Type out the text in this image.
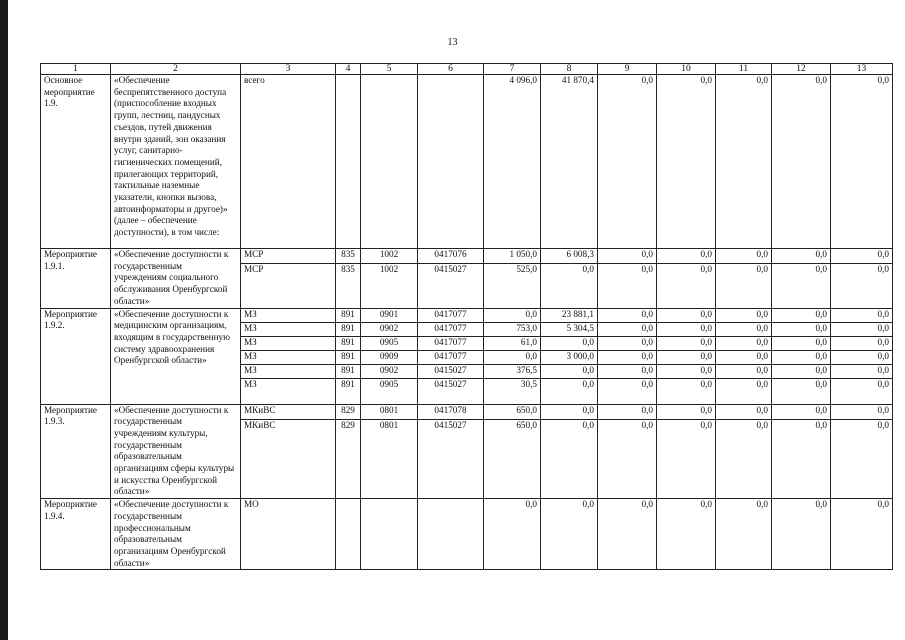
13
1	2	3	4	5	6	7	8	9	10	11	12	13
Основное мероприятие 1.9.	«Обеспечение беспрепятственного доступа (приспособление входных групп, лестниц, пандусных съездов, путей движения внутри зданий, зон оказания услуг, санитарно-гигиенических помещений, прилегающих территорий, тактильные наземные указатели, кнопки вызова, автоинформаторы и другое)» (далее – обеспечение доступности), в том числе:	всего				4 096,0	41 870,4	0,0	0,0	0,0	0,0	0,0
Мероприятие 1.9.1.	«Обеспечение доступности к государственным учреждениям социального обслуживания Оренбургской области»	МСР	835	1002	0417076	1 050,0	6 008,3	0,0	0,0	0,0	0,0	0,0
		МСР	835	1002	0415027	525,0	0,0	0,0	0,0	0,0	0,0	0,0
Мероприятие 1.9.2.	«Обеспечение доступности к медицинским организациям, входящим в государственную систему здравоохранения Оренбургской области»	МЗ	891	0901	0417077	0,0	23 881,1	0,0	0,0	0,0	0,0	0,0
		МЗ	891	0902	0417077	753,0	5 304,5	0,0	0,0	0,0	0,0	0,0
		МЗ	891	0905	0417077	61,0	0,0	0,0	0,0	0,0	0,0	0,0
		МЗ	891	0909	0417077	0,0	3 000,0	0,0	0,0	0,0	0,0	0,0
		МЗ	891	0902	0415027	376,5	0,0	0,0	0,0	0,0	0,0	0,0
		МЗ	891	0905	0415027	30,5	0,0	0,0	0,0	0,0	0,0	0,0
Мероприятие 1.9.3.	«Обеспечение доступности к государственным учреждениям культуры, государственным образовательным организациям сферы культуры и искусства Оренбургской области»	МКиВС	829	0801	0417078	650,0	0,0	0,0	0,0	0,0	0,0	0,0
		МКиВС	829	0801	0415027	650,0	0,0	0,0	0,0	0,0	0,0	0,0
Мероприятие 1.9.4.	«Обеспечение доступности к государственным профессиональным образовательным организациям Оренбургской области»	МО				0,0	0,0	0,0	0,0	0,0	0,0	0,0
